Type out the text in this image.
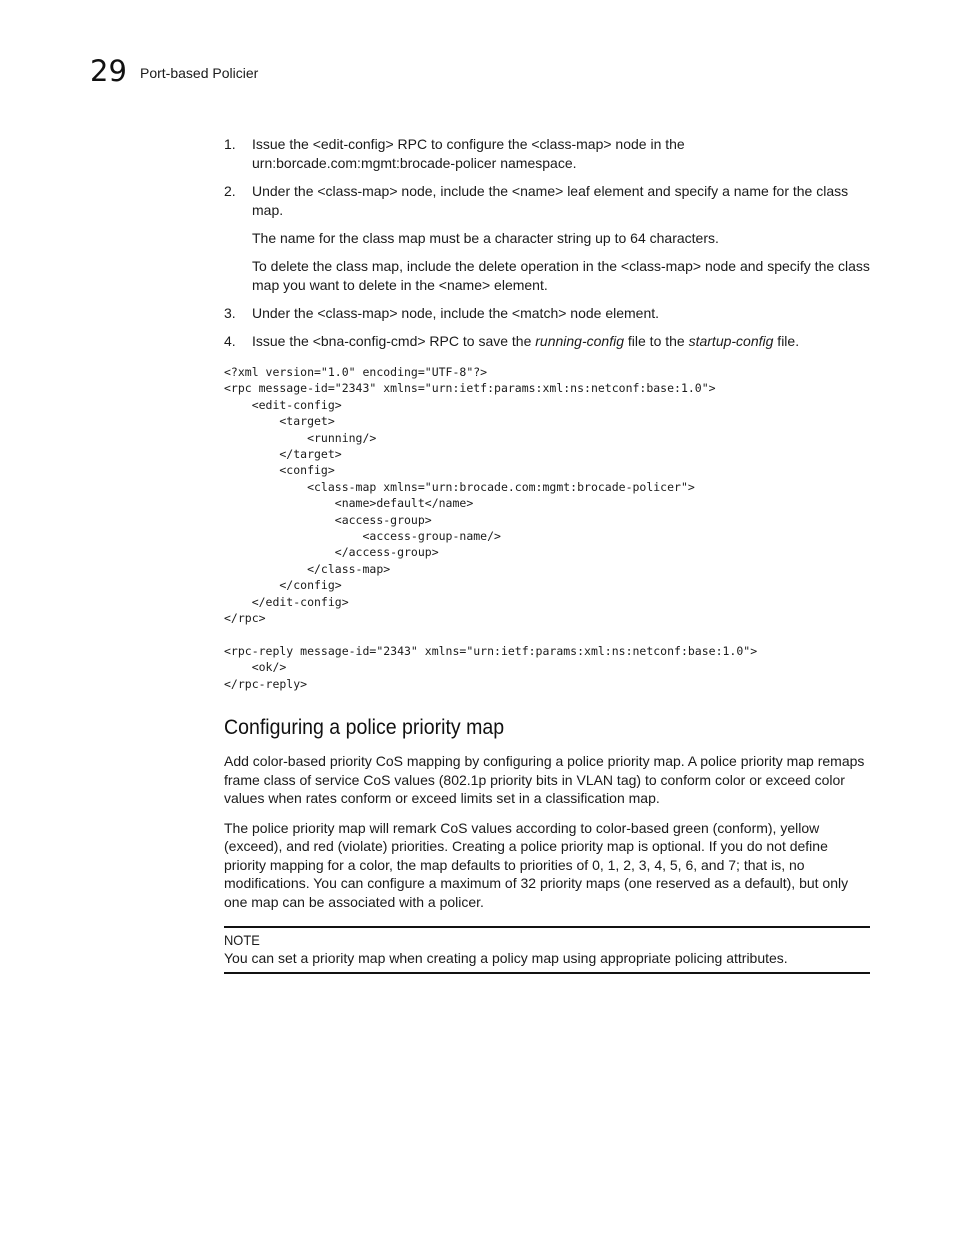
29 Port-based Policier
1. Issue the <edit-config> RPC to configure the <class-map> node in the urn:borcade.com:mgmt:brocade-policer namespace.

2. Under the <class-map> node, include the <name> leaf element and specify a name for the class map.

The name for the class map must be a character string up to 64 characters.

To delete the class map, include the delete operation in the <class-map> node and specify the class map you want to delete in the <name> element.

3. Under the <class-map> node, include the <match> node element.

4. Issue the <bna-config-cmd> RPC to save the running-config file to the startup-config file.

<?xml version="1.0" encoding="UTF-8"?>
<rpc message-id="2343" xmlns="urn:ietf:params:xml:ns:netconf:base:1.0">
<edit-config>
<target>
<running/>
</target>
<config>
<class-map xmlns="urn:brocade.com:mgmt:brocade-policer">
<name>default</name>
<access-group>
<access-group-name/>
</access-group>
</class-map>
</config>
</edit-config>
</rpc>

<rpc-reply message-id="2343" xmlns="urn:ietf:params:xml:ns:netconf:base:1.0">
<ok/>
</rpc-reply>
Configuring a police priority map

Add color-based priority CoS mapping by configuring a police priority map. A police priority map remaps frame class of service CoS values (802.1p priority bits in VLAN tag) to conform color or exceed color values when rates conform or exceed limits set in a classification map.

The police priority map will remark CoS values according to color-based green (conform), yellow (exceed), and red (violate) priorities. Creating a police priority map is optional. If you do not define priority mapping for a color, the map defaults to priorities of 0, 1, 2, 3, 4, 5, 6, and 7; that is, no modifications. You can configure a maximum of 32 priority maps (one reserved as a default), but only one map can be associated with a policer.

NOTE
You can set a priority map when creating a policy map using appropriate policing attributes.
